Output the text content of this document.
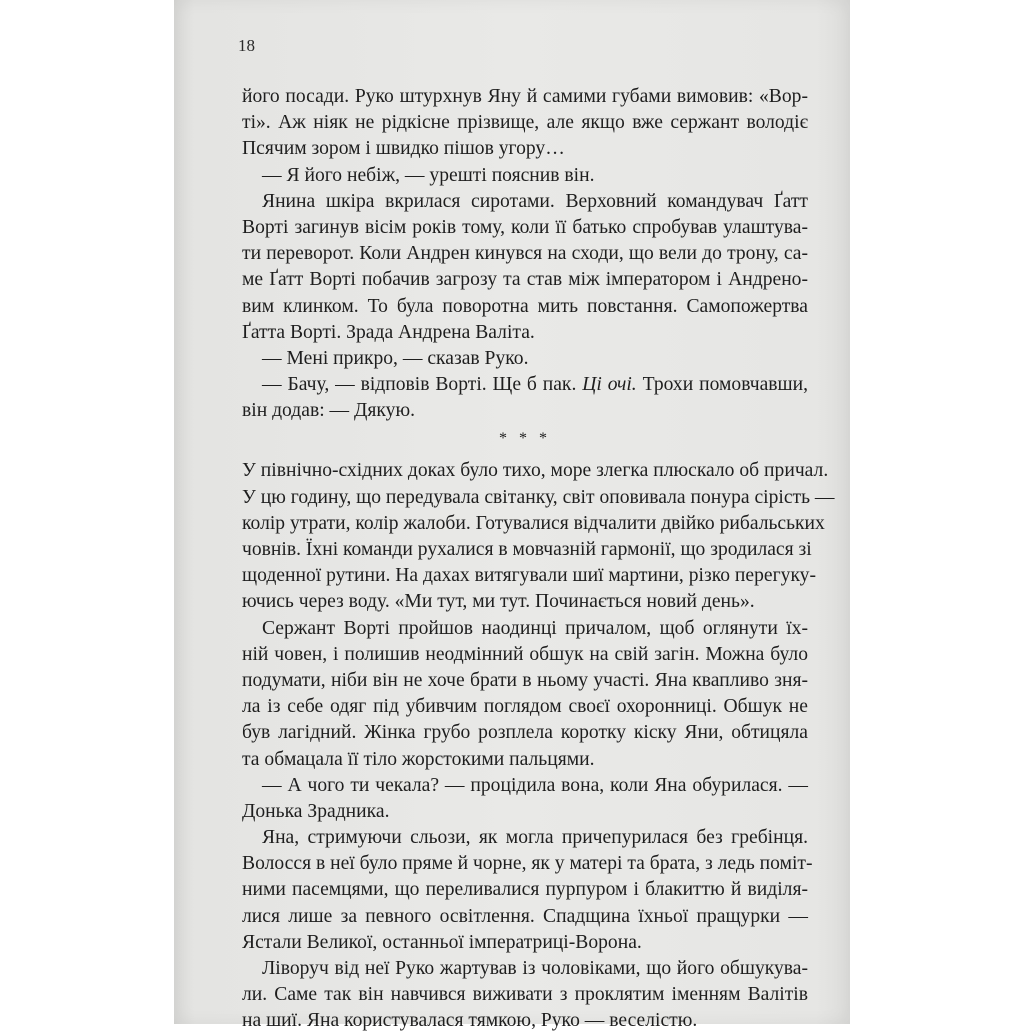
18
його посади. Руко штурхнув Яну й самими губами вимовив: «Вор-
ті». Аж ніяк не рідкісне прізвище, але якщо вже сержант володіє
Псячим зором і швидко пішов угору…
— Я його небіж, — урешті пояснив він.
Янина шкіра вкрилася сиротами. Верховний командувач Ґатт
Ворті загинув вісім років тому, коли її батько спробував улаштува-
ти переворот. Коли Андрен кинувся на сходи, що вели до трону, са-
ме Ґатт Ворті побачив загрозу та став між імператором і Андрено-
вим клинком. То була поворотна мить повстання. Самопожертва
Ґатта Ворті. Зрада Андрена Валіта.
— Мені прикро, — сказав Руко.
— Бачу, — відповів Ворті. Ще б пак. Ці очі. Трохи помовчавши,
він додав: — Дякую.
* * *
У північно-східних доках було тихо, море злегка плюскало об причал.
У цю годину, що передувала світанку, світ оповивала понура сірість —
колір утрати, колір жалоби. Готувалися відчалити двійко рибальських
човнів. Їхні команди рухалися в мовчазній гармонії, що зродилася зі
щоденної рутини. На дахах витягували шиї мартини, різко перегуку-
ючись через воду. «Ми тут, ми тут. Починається новий день».
Сержант Ворті пройшов наодинці причалом, щоб оглянути їх-
ній човен, і полишив неодмінний обшук на свій загін. Можна було
подумати, ніби він не хоче брати в ньому участі. Яна квапливо зня-
ла із себе одяг під убивчим поглядом своєї охоронниці. Обшук не
був лагідний. Жінка грубо розплела коротку кіску Яни, обтицяла
та обмацала її тіло жорстокими пальцями.
— А чого ти чекала? — процідила вона, коли Яна обурилася. —
Донька Зрадника.
Яна, стримуючи сльози, як могла причепурилася без гребінця.
Волосся в неї було пряме й чорне, як у матері та брата, з ледь поміт-
ними пасемцями, що переливалися пурпуром і блакиттю й виділя-
лися лише за певного освітлення. Спадщина їхньої пращурки —
Ястали Великої, останньої імператриці-Ворона.
Ліворуч від неї Руко жартував із чоловіками, що його обшукува-
ли. Саме так він навчився виживати з проклятим іменням Валітів
на шиї. Яна користувалася тямкою, Руко — веселістю.
